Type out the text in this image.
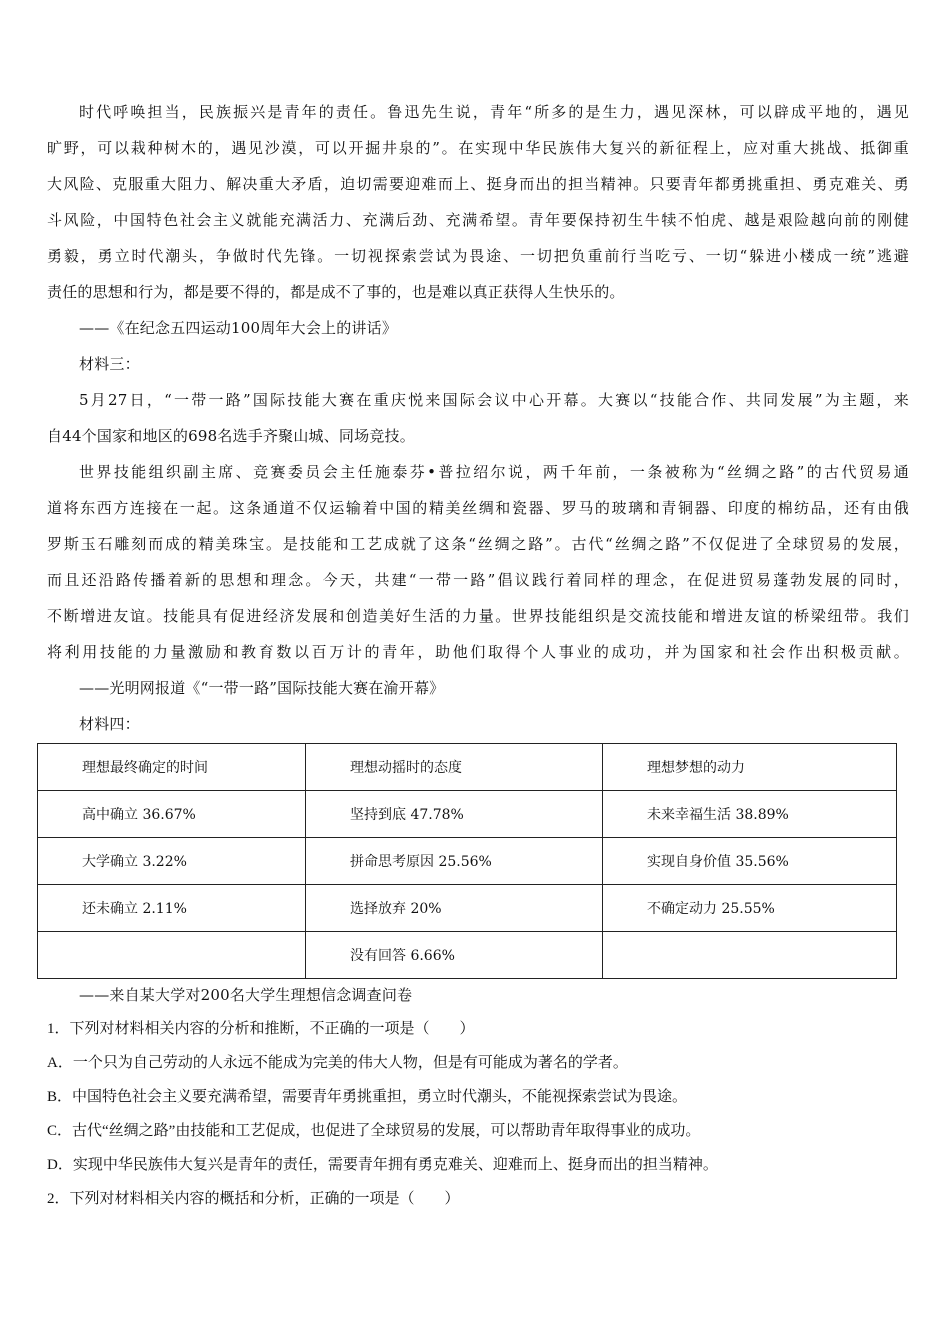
时代呼唤担当，民族振兴是青年的责任。鲁迅先生说，青年“所多的是生力，遇见深林，可以辟成平地的，遇见
旷野，可以栽种树木的，遇见沙漠，可以开掘井泉的”。在实现中华民族伟大复兴的新征程上，应对重大挑战、抵御重
大风险、克服重大阻力、解决重大矛盾，迫切需要迎难而上、挺身而出的担当精神。只要青年都勇挑重担、勇克难关、勇
斗风险，中国特色社会主义就能充满活力、充满后劲、充满希望。青年要保持初生牛犊不怕虎、越是艰险越向前的刚健
勇毅，勇立时代潮头，争做时代先锋。一切视探索尝试为畏途、一切把负重前行当吃亏、一切“躲进小楼成一统”逃避
责任的思想和行为，都是要不得的，都是成不了事的，也是难以真正获得人生快乐的。
——《在纪念五四运动100周年大会上的讲话》
材料三：
5月27日，“一带一路”国际技能大赛在重庆悦来国际会议中心开幕。大赛以“技能合作、共同发展”为主题，来
自44个国家和地区的698名选手齐聚山城、同场竞技。
世界技能组织副主席、竞赛委员会主任施泰芬•普拉绍尔说，两千年前，一条被称为“丝绸之路”的古代贸易通
道将东西方连接在一起。这条通道不仅运输着中国的精美丝绸和瓷器、罗马的玻璃和青铜器、印度的棉纺品，还有由俄
罗斯玉石雕刻而成的精美珠宝。是技能和工艺成就了这条“丝绸之路”。古代“丝绸之路”不仅促进了全球贸易的发展，
而且还沿路传播着新的思想和理念。今天，共建“一带一路”倡议践行着同样的理念，在促进贸易蓬勃发展的同时，
不断增进友谊。技能具有促进经济发展和创造美好生活的力量。世界技能组织是交流技能和增进友谊的桥梁纽带。我们
将利用技能的力量激励和教育数以百万计的青年，助他们取得个人事业的成功，并为国家和社会作出积极贡献。
——光明网报道《“一带一路”国际技能大赛在渝开幕》
材料四：
理想最终确定的时间	理想动摇时的态度	理想梦想的动力
高中确立 36.67%	坚持到底 47.78%	未来幸福生活 38.89%
大学确立 3.22%	拼命思考原因 25.56%	实现自身价值 35.56%
还未确立 2.11%	选择放弃 20%	不确定动力 25.55%
	没有回答 6.66%	
——来自某大学对200名大学生理想信念调查问卷
1．下列对材料相关内容的分析和推断，不正确的一项是（　　）
A．一个只为自己劳动的人永远不能成为完美的伟大人物，但是有可能成为著名的学者。
B．中国特色社会主义要充满希望，需要青年勇挑重担，勇立时代潮头，不能视探索尝试为畏途。
C．古代“丝绸之路”由技能和工艺促成，也促进了全球贸易的发展，可以帮助青年取得事业的成功。
D．实现中华民族伟大复兴是青年的责任，需要青年拥有勇克难关、迎难而上、挺身而出的担当精神。
2．下列对材料相关内容的概括和分析，正确的一项是（　　）
